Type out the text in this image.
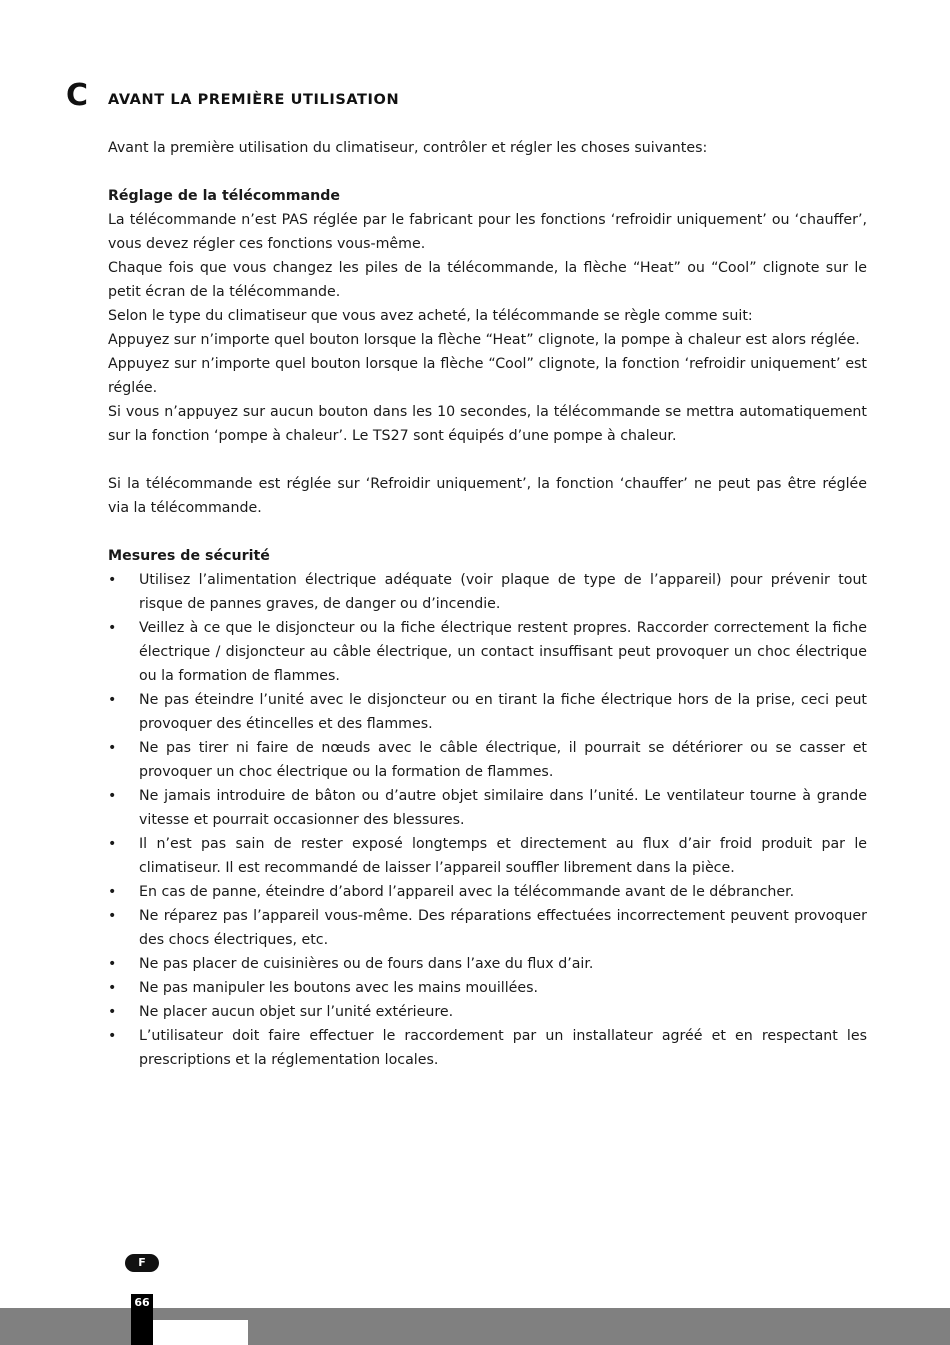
C AVANT LA PREMIÈRE UTILISATION

Avant la première utilisation du climatiseur, contrôler et régler les choses suivantes:

Réglage de la télécommande

La télécommande n’est PAS réglée par le fabricant pour les fonctions ‘refroidir uniquement’ ou ‘chauffer’, vous devez régler ces fonctions vous-même.

Chaque fois que vous changez les piles de la télécommande, la flèche “Heat” ou “Cool” clignote sur le petit écran de la télécommande.

Selon le type du climatiseur que vous avez acheté, la télécommande se règle comme suit:

Appuyez sur n’importe quel bouton lorsque la flèche “Heat” clignote, la pompe à chaleur est alors réglée.

Appuyez sur n’importe quel bouton lorsque la flèche “Cool” clignote, la fonction ‘refroidir uniquement’ est réglée.

Si vous n’appuyez sur aucun bouton dans les 10 secondes, la télécommande se mettra automatiquement sur la fonction ‘pompe à chaleur’. Le TS27 sont équipés d’une pompe à chaleur.

Si la télécommande est réglée sur ‘Refroidir uniquement’, la fonction ‘chauffer’ ne peut pas être réglée via la télécommande.

Mesures de sécurité

• Utilisez l’alimentation électrique adéquate (voir plaque de type de l’appareil) pour prévenir tout risque de pannes graves, de danger ou d’incendie.
• Veillez à ce que le disjoncteur ou la fiche électrique restent propres. Raccorder correctement la fiche électrique / disjoncteur au câble électrique, un contact insuffisant peut provoquer un choc électrique ou la formation de flammes.
• Ne pas éteindre l’unité avec le disjoncteur ou en tirant la fiche électrique hors de la prise, ceci peut provoquer des étincelles et des flammes.
• Ne pas tirer ni faire de nœuds avec le câble électrique, il pourrait se détériorer ou se casser et provoquer un choc électrique ou la formation de flammes.
• Ne jamais introduire de bâton ou d’autre objet similaire dans l’unité. Le ventilateur tourne à grande vitesse et pourrait occasionner des blessures.
• Il n’est pas sain de rester exposé longtemps et directement au flux d’air froid produit par le climatiseur. Il est recommandé de laisser l’appareil souffler librement dans la pièce.
• En cas de panne, éteindre d’abord l’appareil avec la télécommande avant de le débrancher.
• Ne réparez pas l’appareil vous-même. Des réparations effectuées incorrectement peuvent provoquer des chocs électriques, etc.
• Ne pas placer de cuisinières ou de fours dans l’axe du flux d’air.
• Ne pas manipuler les boutons avec les mains mouillées.
• Ne placer aucun objet sur l’unité extérieure.
• L’utilisateur doit faire effectuer le raccordement par un installateur agréé et en respectant les prescriptions et la réglementation locales.
F
66
